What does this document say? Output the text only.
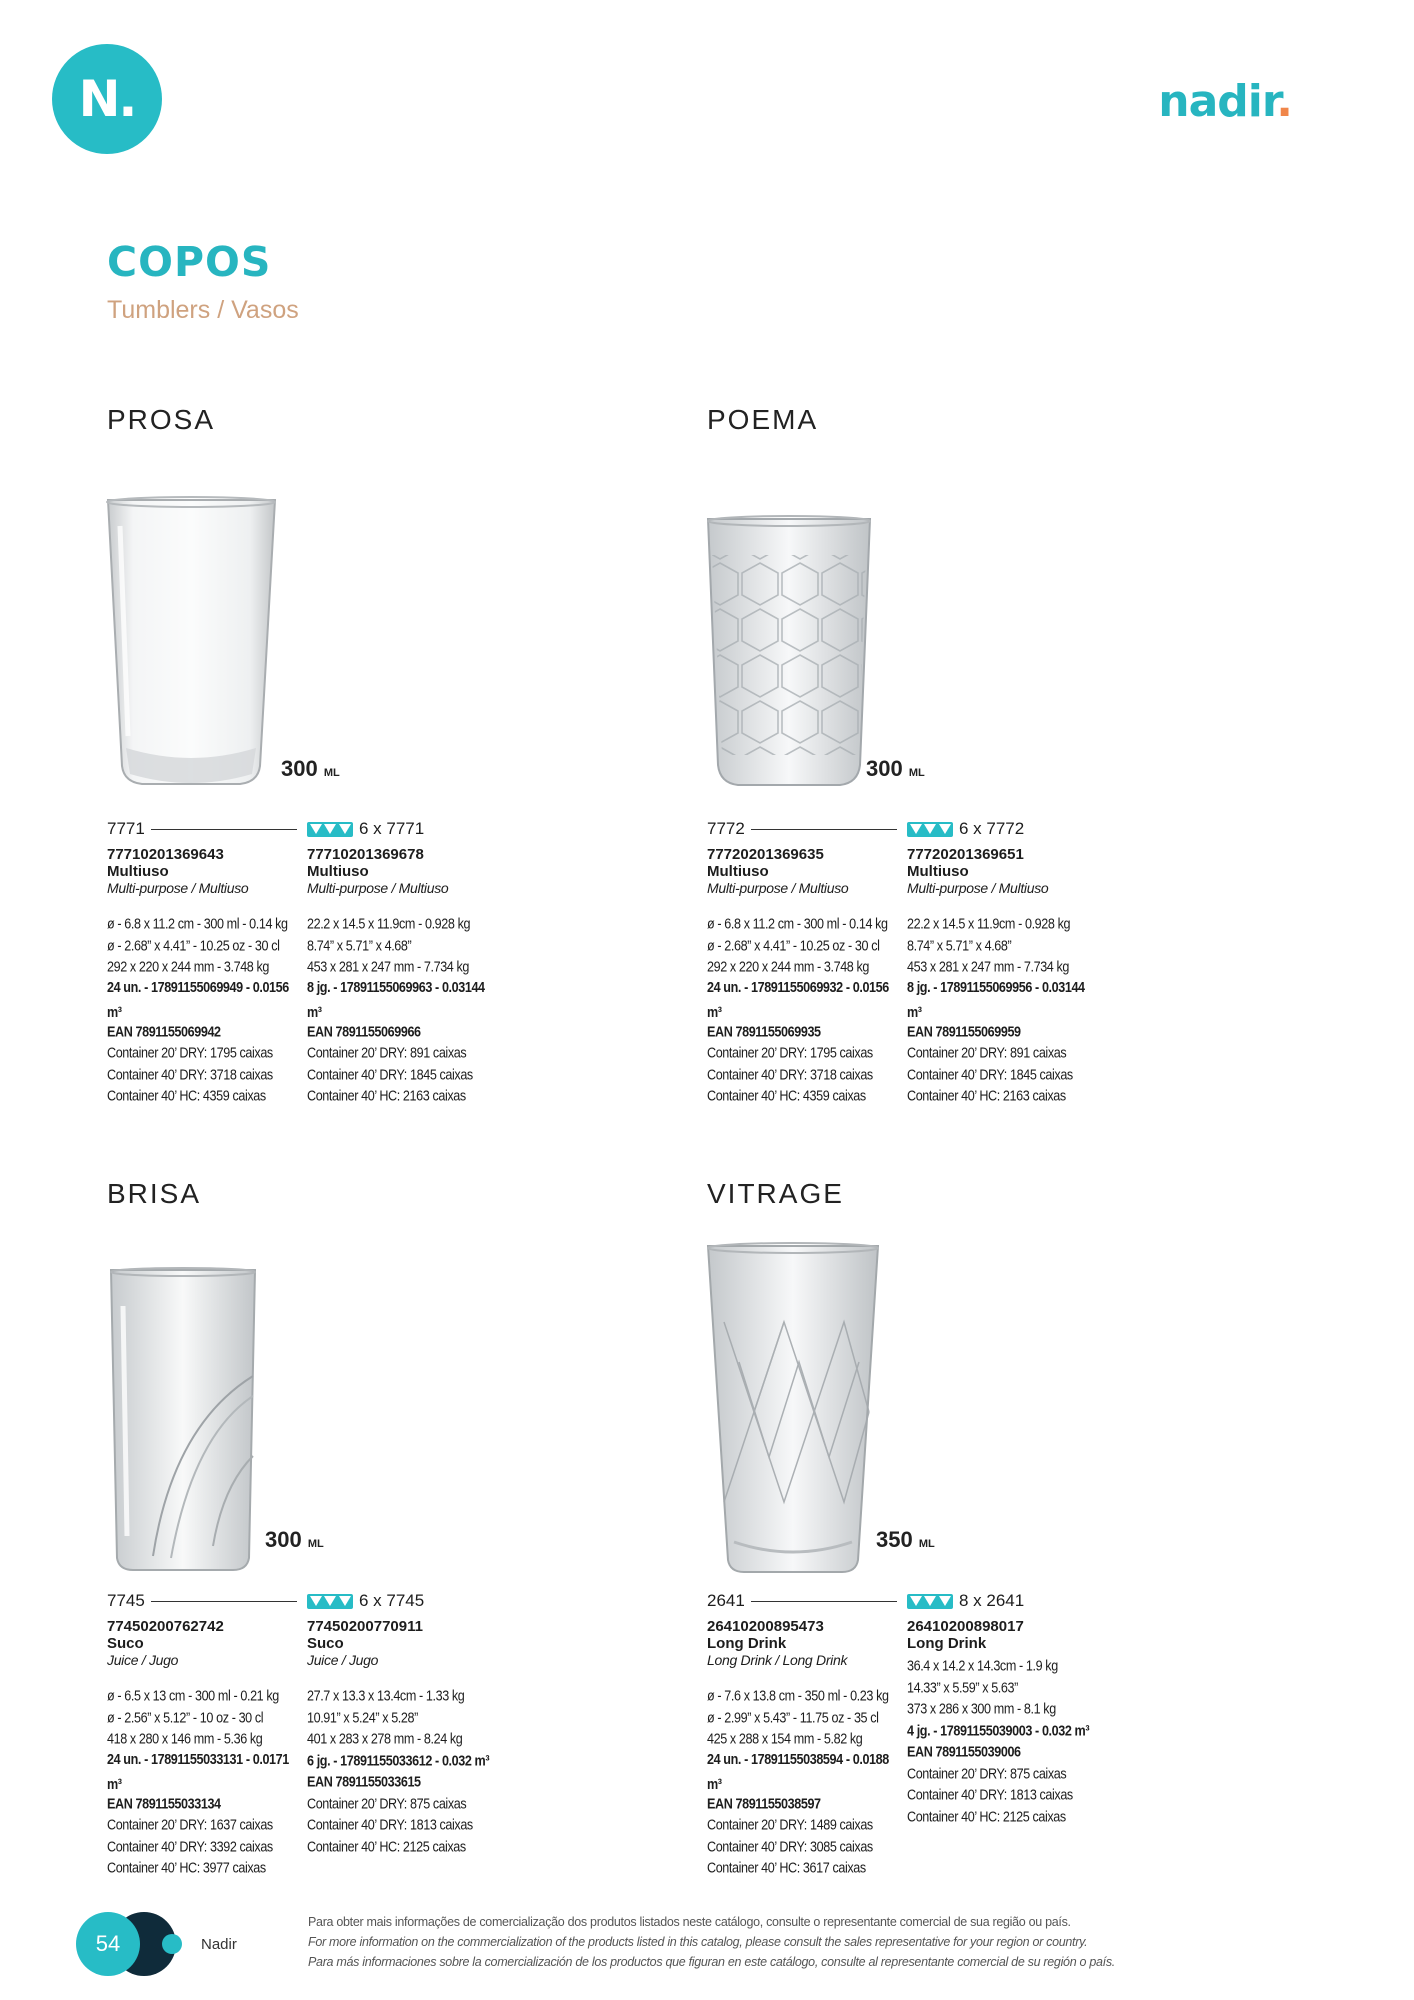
N.	nadir.
COPOS
Tumblers / Vasos
PROSA
300 ML
7771
77710201369643
Multiuso
Multi-purpose / Multiuso
ø - 6.8 x 11.2 cm - 300 ml - 0.14 kg
ø - 2.68” x 4.41” - 10.25 oz - 30 cl
292 x 220 x 244 mm - 3.748 kg
24 un. - 17891155069949 - 0.0156 m³
EAN 7891155069942
Container 20’ DRY: 1795 caixas
Container 40’ DRY: 3718 caixas
Container 40’ HC: 4359 caixas
6 x 7771
77710201369678
Multiuso
Multi-purpose / Multiuso
22.2 x 14.5 x 11.9cm - 0.928 kg
8.74” x 5.71” x 4.68”
453 x 281 x 247 mm - 7.734 kg
8 jg. - 17891155069963 - 0.03144 m³
EAN 7891155069966
Container 20’ DRY: 891 caixas
Container 40’ DRY: 1845 caixas
Container 40’ HC: 2163 caixas
POEMA
300 ML
7772
77720201369635
Multiuso
Multi-purpose / Multiuso
ø - 6.8 x 11.2 cm - 300 ml - 0.14 kg
ø - 2.68” x 4.41” - 10.25 oz - 30 cl
292 x 220 x 244 mm - 3.748 kg
24 un. - 17891155069932 - 0.0156 m³
EAN 7891155069935
Container 20’ DRY: 1795 caixas
Container 40’ DRY: 3718 caixas
Container 40’ HC: 4359 caixas
6 x 7772
77720201369651
Multiuso
Multi-purpose / Multiuso
22.2 x 14.5 x 11.9cm - 0.928 kg
8.74” x 5.71” x 4.68”
453 x 281 x 247 mm - 7.734 kg
8 jg. - 17891155069956 - 0.03144 m³
EAN 7891155069959
Container 20’ DRY: 891 caixas
Container 40’ DRY: 1845 caixas
Container 40’ HC: 2163 caixas
BRISA
300 ML
7745
77450200762742
Suco
Juice / Jugo
ø - 6.5 x 13 cm - 300 ml - 0.21 kg
ø - 2.56” x 5.12” - 10 oz - 30 cl
418 x 280 x 146 mm - 5.36 kg
24 un. - 17891155033131 - 0.0171 m³
EAN 7891155033134
Container 20’ DRY: 1637 caixas
Container 40’ DRY: 3392 caixas
Container 40’ HC: 3977 caixas
6 x 7745
77450200770911
Suco
Juice / Jugo
27.7 x 13.3 x 13.4cm - 1.33 kg
10.91” x 5.24” x 5.28”
401 x 283 x 278 mm - 8.24 kg
6 jg. - 17891155033612 - 0.032 m³
EAN 7891155033615
Container 20’ DRY: 875 caixas
Container 40’ DRY: 1813 caixas
Container 40’ HC: 2125 caixas
VITRAGE
350 ML
2641
26410200895473
Long Drink
Long Drink / Long Drink
ø - 7.6 x 13.8 cm - 350 ml - 0.23 kg
ø - 2.99” x 5.43” - 11.75 oz - 35 cl
425 x 288 x 154 mm - 5.82 kg
24 un. - 17891155038594 - 0.0188 m³
EAN 7891155038597
Container 20’ DRY: 1489 caixas
Container 40’ DRY: 3085 caixas
Container 40’ HC: 3617 caixas
8 x 2641
26410200898017
Long Drink
36.4 x 14.2 x 14.3cm - 1.9 kg
14.33” x 5.59” x 5.63”
373 x 286 x 300 mm - 8.1 kg
4 jg. - 17891155039003 - 0.032 m³
EAN 7891155039006
Container 20’ DRY: 875 caixas
Container 40’ DRY: 1813 caixas
Container 40’ HC: 2125 caixas
54	Nadir
Para obter mais informações de comercialização dos produtos listados neste catálogo, consulte o representante comercial de sua região ou país.
For more information on the commercialization of the products listed in this catalog, please consult the sales representative for your region or country.
Para más informaciones sobre la comercialización de los productos que figuran en este catálogo, consulte al representante comercial de su región o país.
